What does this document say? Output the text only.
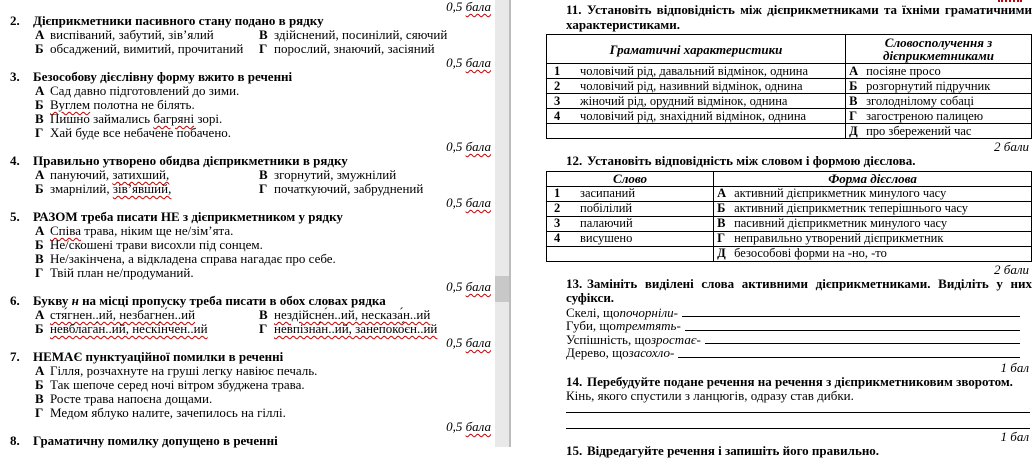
0,5 бала
2. Дієприкметники пасивного стану подано в рядку
А виспіваний, забутий, зів’ялий	В здійснений, посинілий, сяючий
Б обсаджений, вимитий, прочитаний	Г порослий, знаючий, засіяний
0,5 бала
3. Безособову дієслівну форму вжито в реченні
А Сад давно підготовлений до зими.
Б Вуглем полотна не білять.
В Пишно займались багряні зорі.
Г Хай буде все небачене побачено.
0,5 бала
4. Правильно утворено обидва дієприкметники в рядку
А пануючий, затихший,	В згорнутий, змужнілий
Б змарнілий, зів’явший,	Г початкуючий, забруднений
0,5 бала
5. РАЗОМ треба писати НЕ з дієприкметником у рядку
А Співа трава, ніким ще не/зім’ята.
Б Не/скошені трави висохли під сонцем.
В Не/закінчена, а відкладена справа нагадає про себе.
Г Твій план не/продуманий.
0,5 бала
6. Букву н на місці пропуску треба писати в обох словах рядка
А стя́гнен..ий, незбагне́н..ий	В нездійсне́н..ий, несказа́н..ий
Б невблага́н..ий, нескі́нчен..ий	Г невпізна́н..ий, занепоко́єн..ий
0,5 бала
7. НЕМАЄ пунктуаційної помилки в реченні
А Гілля, розчахнуте на груші легку навіює печаль.
Б Так шепоче серед ночі вітром збуджена трава.
В Росте трава напоєна дощами.
Г Медом яблуко налите, зачепилось на гіллі.
0,5 бала
8. Граматичну помилку допущено в реченні
11. Установіть відповідність між дієприкметниками та їхніми граматичними характеристиками.
Граматичні характеристики	Словосполучення з дієприкметниками
1 чоловічий рід, давальний відмінок, однина	А посіяне просо
2 чоловічий рід, називний відмінок, однина	Б розгорнутий підручник
3 жіночий рід, орудний відмінок, однина	В зголоднілому собаці
4 чоловічий рід, знахідний відмінок, однина	Г загостреною палицею
	Д про збережений час
2 бали
12. Установіть відповідність між словом і формою дієслова.
Слово	Форма дієслова
1 засипаний	А активний дієприкметник минулого часу
2 побілілий	Б активний дієприкметник теперішнього часу
3 палаючий	В пасивний дієприкметник минулого часу
4 висушено	Г неправильно утворений дієприкметник
	Д безособові форми на -но, -то
2 бали
13. Замініть виділені слова активними дієприкметниками. Виділіть у них суфікси.
Скелі, що почорніли -
Губи, що тремтять -
Успішність, що зростає -
Дерево, що засохло -
1 бал
14. Перебудуйте подане речення на речення з дієприкметниковим зворотом.
Кінь, якого спустили з ланцюгів, одразу став дибки.
1 бал
15. Відредагуйте речення і запишіть його правильно.
